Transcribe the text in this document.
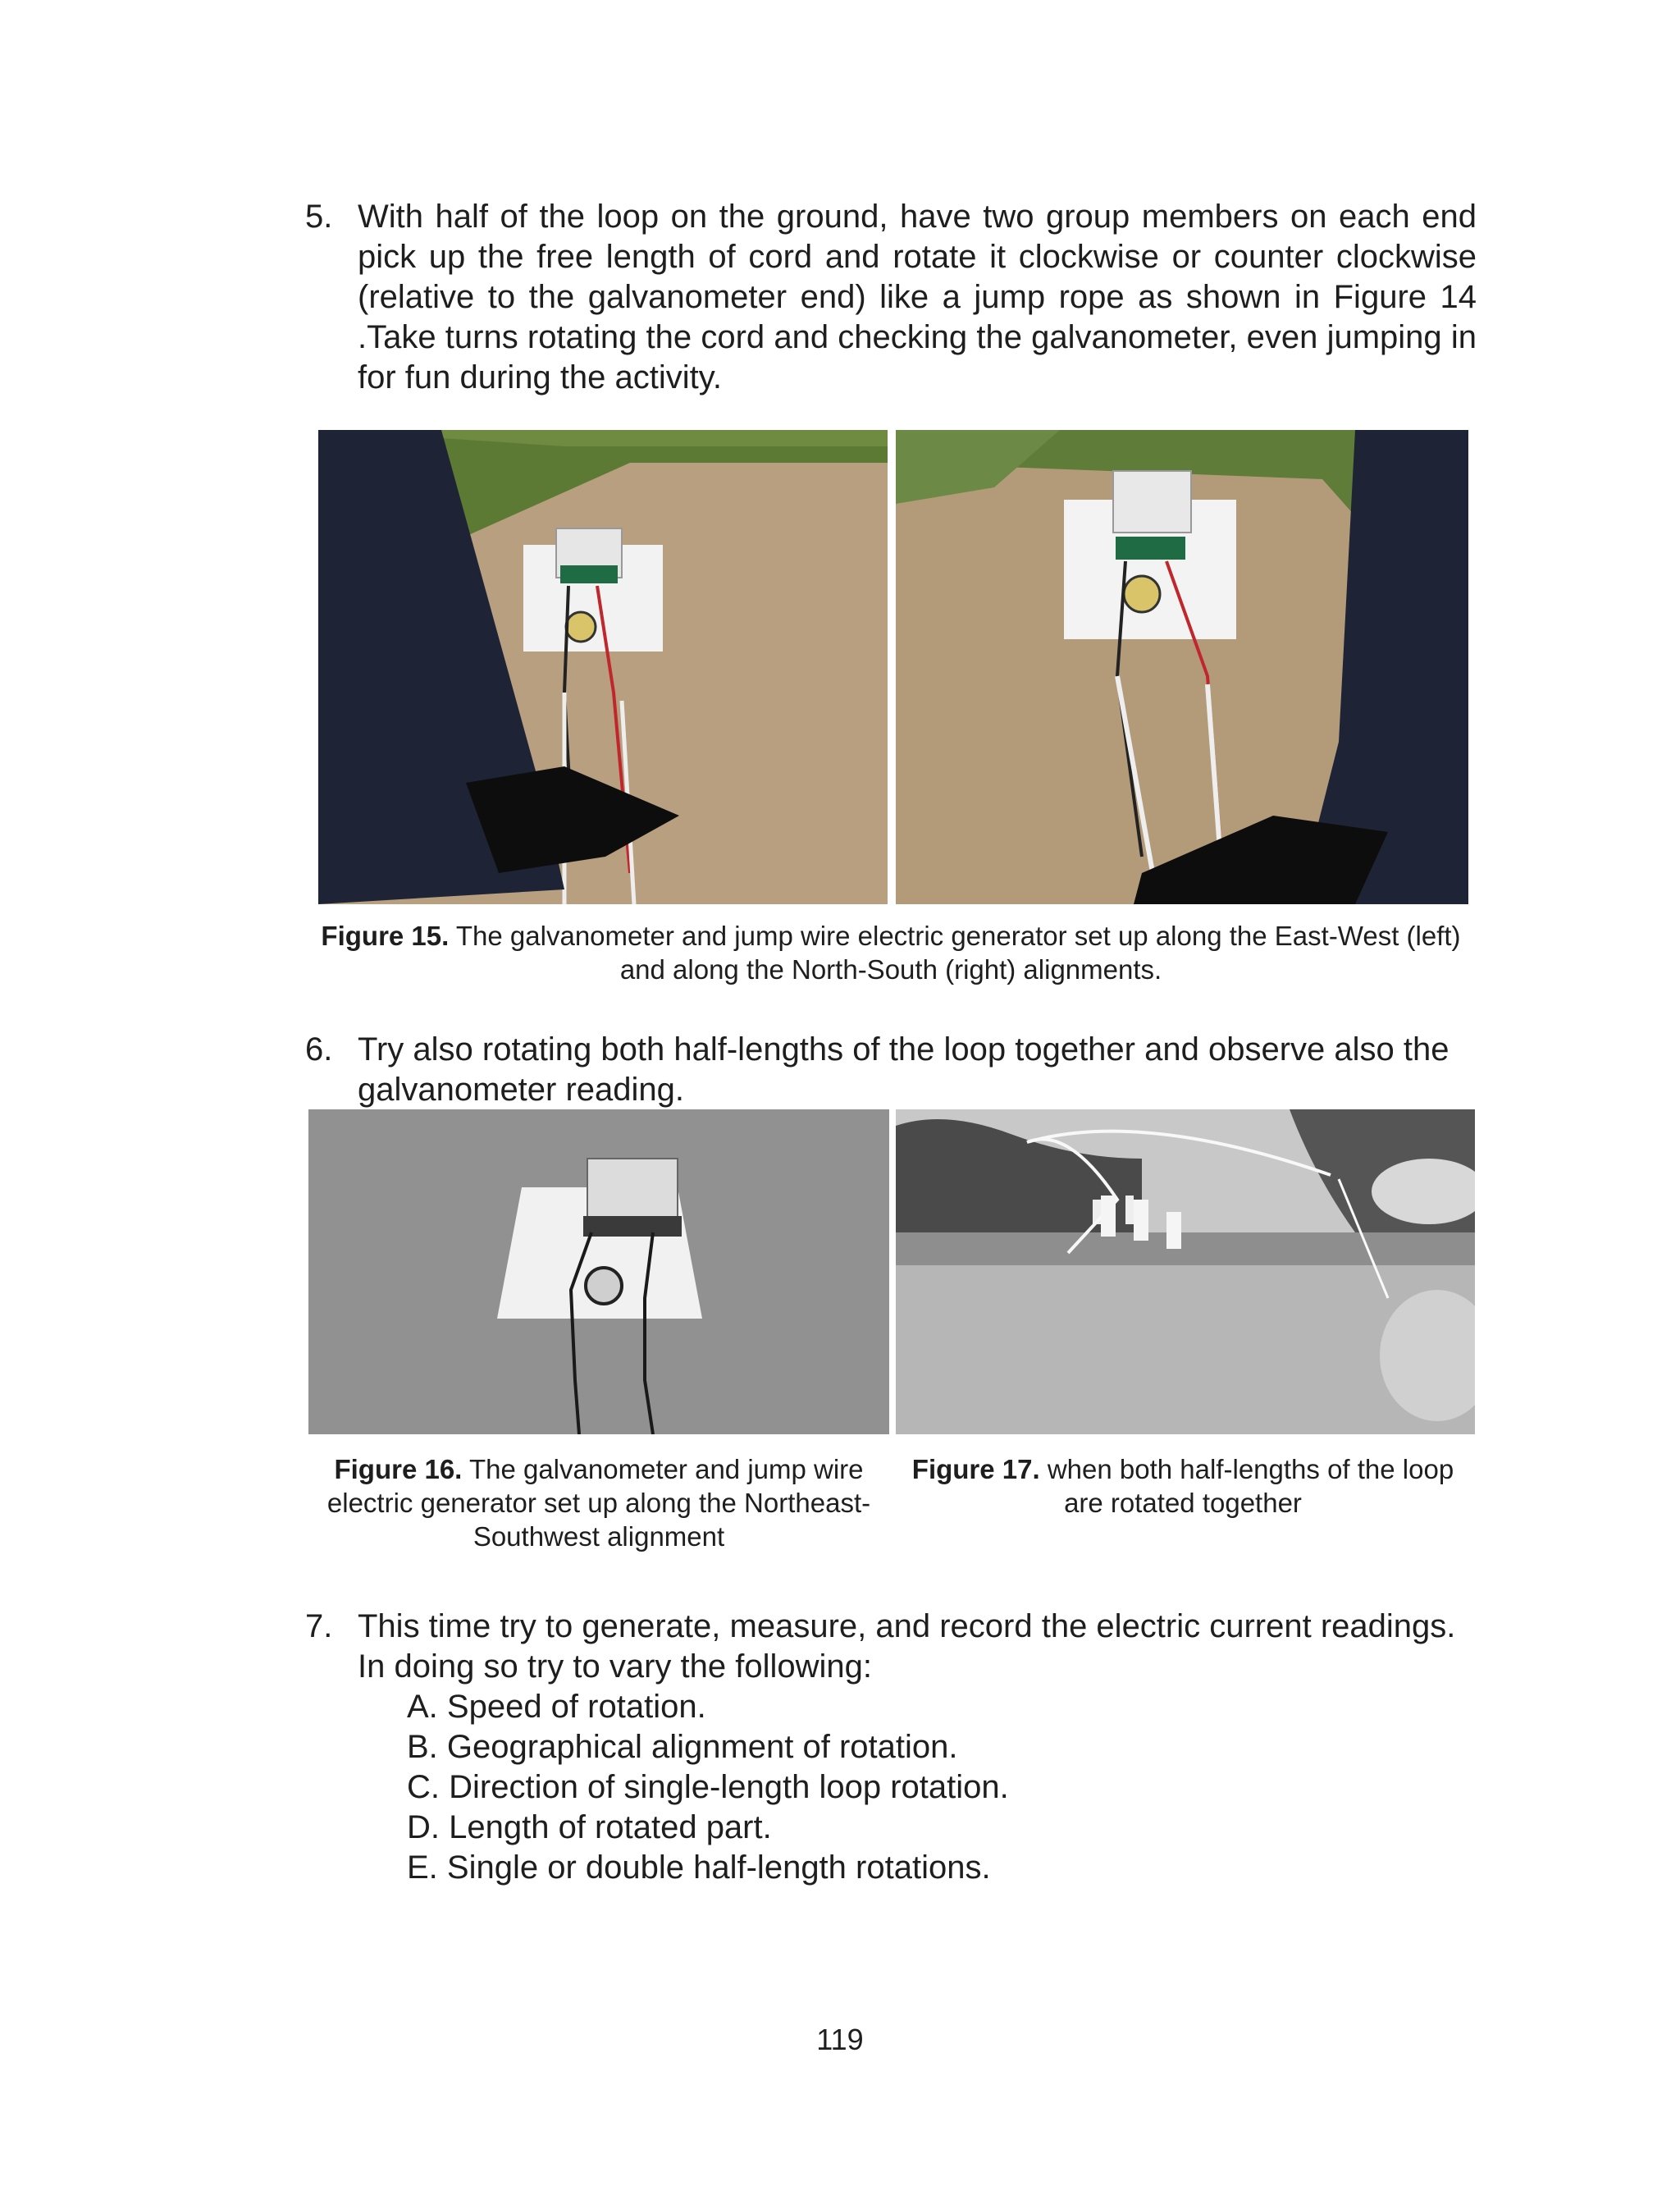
5. With half of the loop on the ground, have two group members on each end pick up the free length of cord and rotate it clockwise or counter clockwise (relative to the galvanometer end) like a jump rope as shown in Figure 14 .Take turns rotating the cord and checking the galvanometer, even jumping in for fun during the activity.
Figure 15. The galvanometer and jump wire electric generator set up along the East-West (left) and along the North-South (right) alignments.
6. Try also rotating both half-lengths of the loop together and observe also the galvanometer reading.
Figure 16. The galvanometer and jump wire electric generator set up along the Northeast-Southwest alignment
Figure 17. when both half-lengths of the loop are rotated together
7. This time try to generate, measure, and record the electric current readings. In doing so try to vary the following:
A. Speed of rotation.
B. Geographical alignment of rotation.
C. Direction of single-length loop rotation.
D. Length of rotated part.
E. Single or double half-length rotations.
119
